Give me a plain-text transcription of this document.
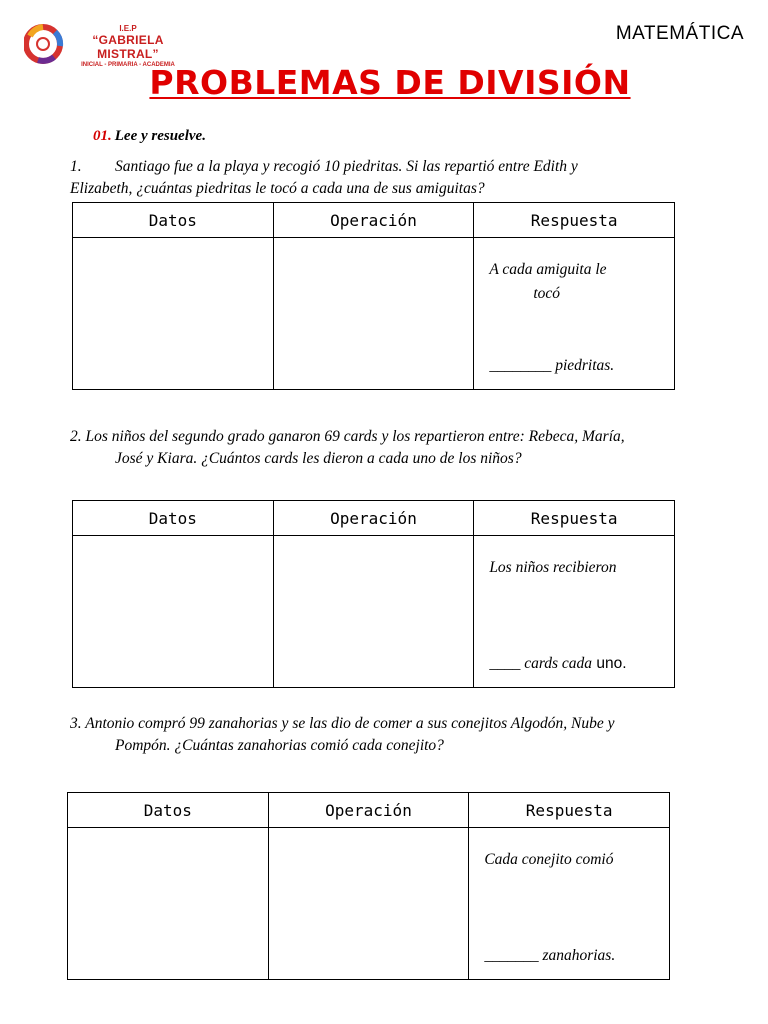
I.E.P
“GABRIELA MISTRAL”
INICIAL - PRIMARIA - ACADEMIA
MATEMÁTICA
PROBLEMAS DE DIVISIÓN
01. Lee y resuelve.
1. Santiago fue a la playa y recogió 10 piedritas. Si las repartió entre Edith y
Elizabeth, ¿cuántas piedritas le tocó a cada una de sus amiguitas?
Datos	Operación	Respuesta

		A cada amiguita le
tocó
________ piedritas.
2. Los niños del segundo grado ganaron 69 cards y los repartieron entre: Rebeca, María,
José y Kiara. ¿Cuántos cards les dieron a cada uno de los niños?
Datos	Operación	Respuesta

		Los niños recibieron
____ cards cada uno.
3. Antonio compró 99 zanahorias y se las dio de comer a sus conejitos Algodón, Nube y
Pompón. ¿Cuántas zanahorias comió cada conejito?
Datos	Operación	Respuesta

		Cada conejito comió
_______ zanahorias.
